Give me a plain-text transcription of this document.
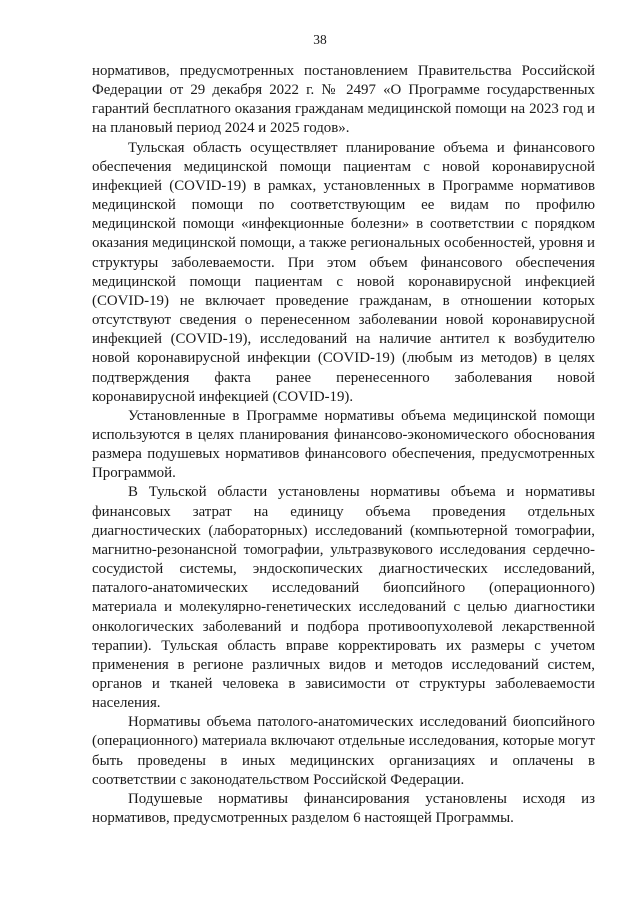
38

нормативов, предусмотренных постановлением Правительства Российской Федерации от 29 декабря 2022 г. № 2497 «О Программе государственных гарантий бесплатного оказания гражданам медицинской помощи на 2023 год и на плановый период 2024 и 2025 годов».

Тульская область осуществляет планирование объема и финансового обеспечения медицинской помощи пациентам с новой коронавирусной инфекцией (COVID-19) в рамках, установленных в Программе нормативов медицинской помощи по соответствующим ее видам по профилю медицинской помощи «инфекционные болезни» в соответствии с порядком оказания медицинской помощи, а также региональных особенностей, уровня и структуры заболеваемости. При этом объем финансового обеспечения медицинской помощи пациентам с новой коронавирусной инфекцией (COVID-19) не включает проведение гражданам, в отношении которых отсутствуют сведения о перенесенном заболевании новой коронавирусной инфекцией (COVID-19), исследований на наличие антител к возбудителю новой коронавирусной инфекции (COVID-19) (любым из методов) в целях подтверждения факта ранее перенесенного заболевания новой коронавирусной инфекцией (COVID-19).

Установленные в Программе нормативы объема медицинской помощи используются в целях планирования финансово-экономического обоснования размера подушевых нормативов финансового обеспечения, предусмотренных Программой.

В Тульской области установлены нормативы объема и нормативы финансовых затрат на единицу объема проведения отдельных диагностических (лабораторных) исследований (компьютерной томографии, магнитно-резонансной томографии, ультразвукового исследования сердечно-сосудистой системы, эндоскопических диагностических исследований, паталого-анатомических исследований биопсийного (операционного) материала и молекулярно-генетических исследований с целью диагностики онкологических заболеваний и подбора противоопухолевой лекарственной терапии). Тульская область вправе корректировать их размеры с учетом применения в регионе различных видов и методов исследований систем, органов и тканей человека в зависимости от структуры заболеваемости населения.

Нормативы объема патолого-анатомических исследований биопсийного (операционного) материала включают отдельные исследования, которые могут быть проведены в иных медицинских организациях и оплачены в соответствии с законодательством Российской Федерации.

Подушевые нормативы финансирования установлены исходя из нормативов, предусмотренных разделом 6 настоящей Программы.
